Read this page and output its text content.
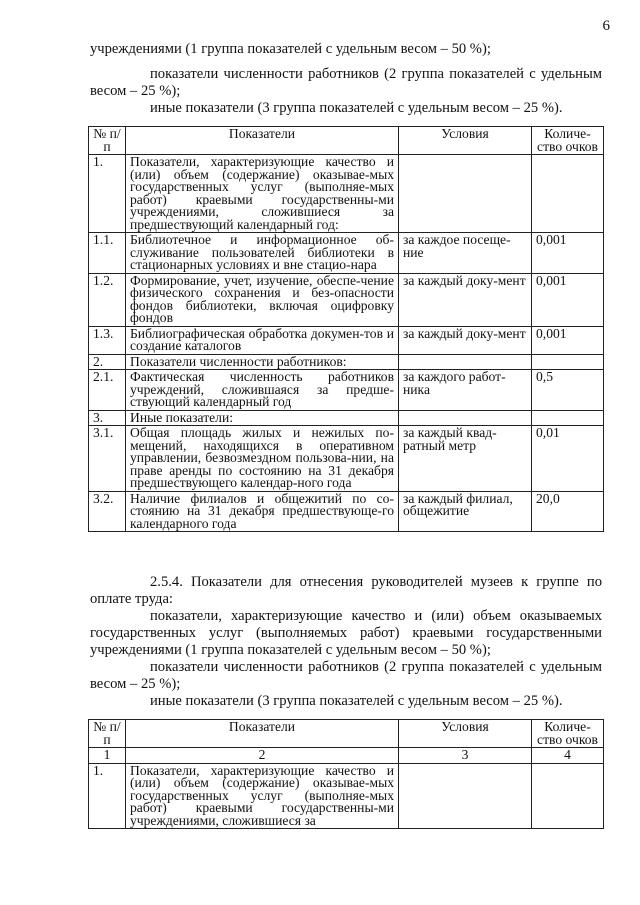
6

учреждениями (1 группа показателей с удельным весом – 50 %);

показатели численности работников (2 группа показателей с удельным весом – 25 %);

иные показатели (3 группа показателей с удельным весом – 25 %).

№ п/п	Показатели	Условия	Количе-ство очков
1.	Показатели, характеризующие качество и (или) объем (содержание) оказывае-мых государственных услуг (выполняе-мых работ) краевыми государственны-ми учреждениями, сложившиеся за предшествующий календарный год:		
1.1.	Библиотечное и информационное об-служивание пользователей библиотеки в стационарных условиях и вне стацио-нара	за каждое посеще-ние	0,001
1.2.	Формирование, учет, изучение, обеспе-чение физического сохранения и без-опасности фондов библиотеки, включая оцифровку фондов	за каждый доку-мент	0,001
1.3.	Библиографическая обработка докумен-тов и создание каталогов	за каждый доку-мент	0,001
2.	Показатели численности работников:		
2.1.	Фактическая численность работников учреждений, сложившаяся за предше-ствующий календарный год	за каждого работ-ника	0,5
3.	Иные показатели:		
3.1.	Общая площадь жилых и нежилых по-мещений, находящихся в оперативном управлении, безвозмездном пользова-нии, на праве аренды по состоянию на 31 декабря предшествующего календар-ного года	за каждый квад-ратный метр	0,01
3.2.	Наличие филиалов и общежитий по со-стоянию на 31 декабря предшествующе-го календарного года	за каждый филиал, общежитие	20,0

2.5.4. Показатели для отнесения руководителей музеев к группе по оплате труда:

показатели, характеризующие качество и (или) объем оказываемых государственных услуг (выполняемых работ) краевыми государственными учреждениями (1 группа показателей с удельным весом – 50 %);

показатели численности работников (2 группа показателей с удельным весом – 25 %);

иные показатели (3 группа показателей с удельным весом – 25 %).

№ п/п	Показатели	Условия	Количе-ство очков
1	2	3	4
1.	Показатели, характеризующие качество и (или) объем (содержание) оказывае-мых государственных услуг (выполняе-мых работ) краевыми государственны-ми учреждениями, сложившиеся за		
